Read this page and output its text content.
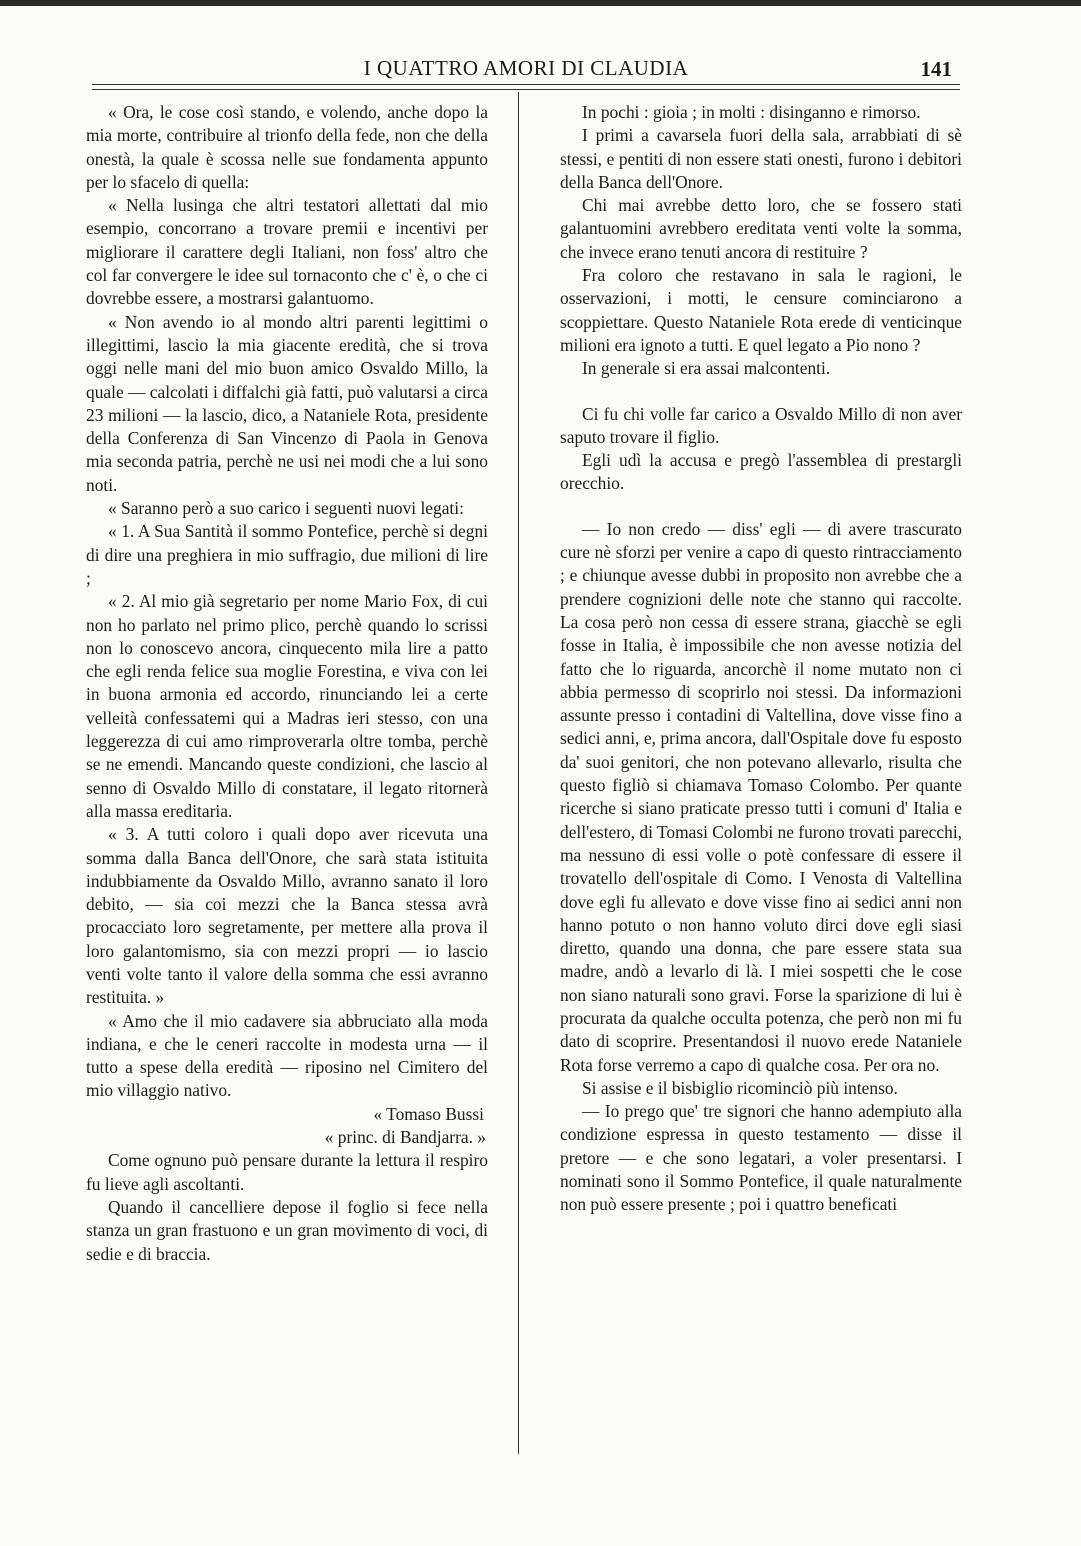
I QUATTRO AMORI DI CLAUDIA	141

« Ora, le cose così stando, e volendo, anche dopo la mia morte, contribuire al trionfo della fede, non che della onestà, la quale è scossa nelle sue fondamenta appunto per lo sfacelo di quella:

« Nella lusinga che altri testatori allettati dal mio esempio, concorrano a trovare premii e incentivi per migliorare il carattere degli Italiani, non foss' altro che col far convergere le idee sul tornaconto che c' è, o che ci dovrebbe essere, a mostrarsi galantuomo.

« Non avendo io al mondo altri parenti legittimi o illegittimi, lascio la mia giacente eredità, che si trova oggi nelle mani del mio buon amico Osvaldo Millo, la quale — calcolati i diffalchi già fatti, può valutarsi a circa 23 milioni — la lascio, dico, a Nataniele Rota, presidente della Conferenza di San Vincenzo di Paola in Genova mia seconda patria, perchè ne usi nei modi che a lui sono noti.

« Saranno però a suo carico i seguenti nuovi legati:

« 1. A Sua Santità il sommo Pontefice, perchè si degni di dire una preghiera in mio suffragio, due milioni di lire ;

« 2. Al mio già segretario per nome Mario Fox, di cui non ho parlato nel primo plico, perchè quando lo scrissi non lo conoscevo ancora, cinquecento mila lire a patto che egli renda felice sua moglie Forestina, e viva con lei in buona armonia ed accordo, rinunciando lei a certe velleità confessatemi qui a Madras ieri stesso, con una leggerezza di cui amo rimproverarla oltre tomba, perchè se ne emendi. Mancando queste condizioni, che lascio al senno di Osvaldo Millo di constatare, il legato ritornerà alla massa ereditaria.

« 3. A tutti coloro i quali dopo aver ricevuta una somma dalla Banca dell'Onore, che sarà stata istituita indubbiamente da Osvaldo Millo, avranno sanato il loro debito, — sia coi mezzi che la Banca stessa avrà procacciato loro segretamente, per mettere alla prova il loro galantomismo, sia con mezzi propri — io lascio venti volte tanto il valore della somma che essi avranno restituita. »

« Amo che il mio cadavere sia abbruciato alla moda indiana, e che le ceneri raccolte in modesta urna — il tutto a spese della eredità — riposino nel Cimitero del mio villaggio nativo.

« Tomaso Bussi

« princ. di Bandjarra. »

Come ognuno può pensare durante la lettura il respiro fu lieve agli ascoltanti.

Quando il cancelliere depose il foglio si fece nella stanza un gran frastuono e un gran movimento di voci, di sedie e di braccia.

In pochi : gioia ; in molti : disinganno e rimorso.

I primi a cavarsela fuori della sala, arrabbiati di sè stessi, e pentiti di non essere stati onesti, furono i debitori della Banca dell'Onore.

Chi mai avrebbe detto loro, che se fossero stati galantuomini avrebbero ereditata venti volte la somma, che invece erano tenuti ancora di restituire ?

Fra coloro che restavano in sala le ragioni, le osservazioni, i motti, le censure cominciarono a scoppiettare. Questo Nataniele Rota erede di venticinque milioni era ignoto a tutti. E quel legato a Pio nono ?

In generale si era assai malcontenti.

Ci fu chi volle far carico a Osvaldo Millo di non aver saputo trovare il figlio.

Egli udì la accusa e pregò l'assemblea di prestargli orecchio.

— Io non credo — diss' egli — di avere trascurato cure nè sforzi per venire a capo di questo rintracciamento ; e chiunque avesse dubbi in proposito non avrebbe che a prendere cognizioni delle note che stanno qui raccolte. La cosa però non cessa di essere strana, giacchè se egli fosse in Italia, è impossibile che non avesse notizia del fatto che lo riguarda, ancorchè il nome mutato non ci abbia permesso di scoprirlo noi stessi. Da informazioni assunte presso i contadini di Valtellina, dove visse fino a sedici anni, e, prima ancora, dall'Ospitale dove fu esposto da' suoi genitori, che non potevano allevarlo, risulta che questo figliò si chiamava Tomaso Colombo. Per quante ricerche si siano praticate presso tutti i comuni d' Italia e dell'estero, di Tomasi Colombi ne furono trovati parecchi, ma nessuno di essi volle o potè confessare di essere il trovatello dell'ospitale di Como. I Venosta di Valtellina dove egli fu allevato e dove visse fino ai sedici anni non hanno potuto o non hanno voluto dirci dove egli siasi diretto, quando una donna, che pare essere stata sua madre, andò a levarlo di là. I miei sospetti che le cose non siano naturali sono gravi. Forse la sparizione di lui è procurata da qualche occulta potenza, che però non mi fu dato di scoprire. Presentandosi il nuovo erede Nataniele Rota forse verremo a capo di qualche cosa. Per ora no.

Si assise e il bisbiglio ricominciò più intenso.

— Io prego que' tre signori che hanno adempiuto alla condizione espressa in questo testamento — disse il pretore — e che sono legatari, a voler presentarsi. I nominati sono il Sommo Pontefice, il quale naturalmente non può essere presente ; poi i quattro beneficati
